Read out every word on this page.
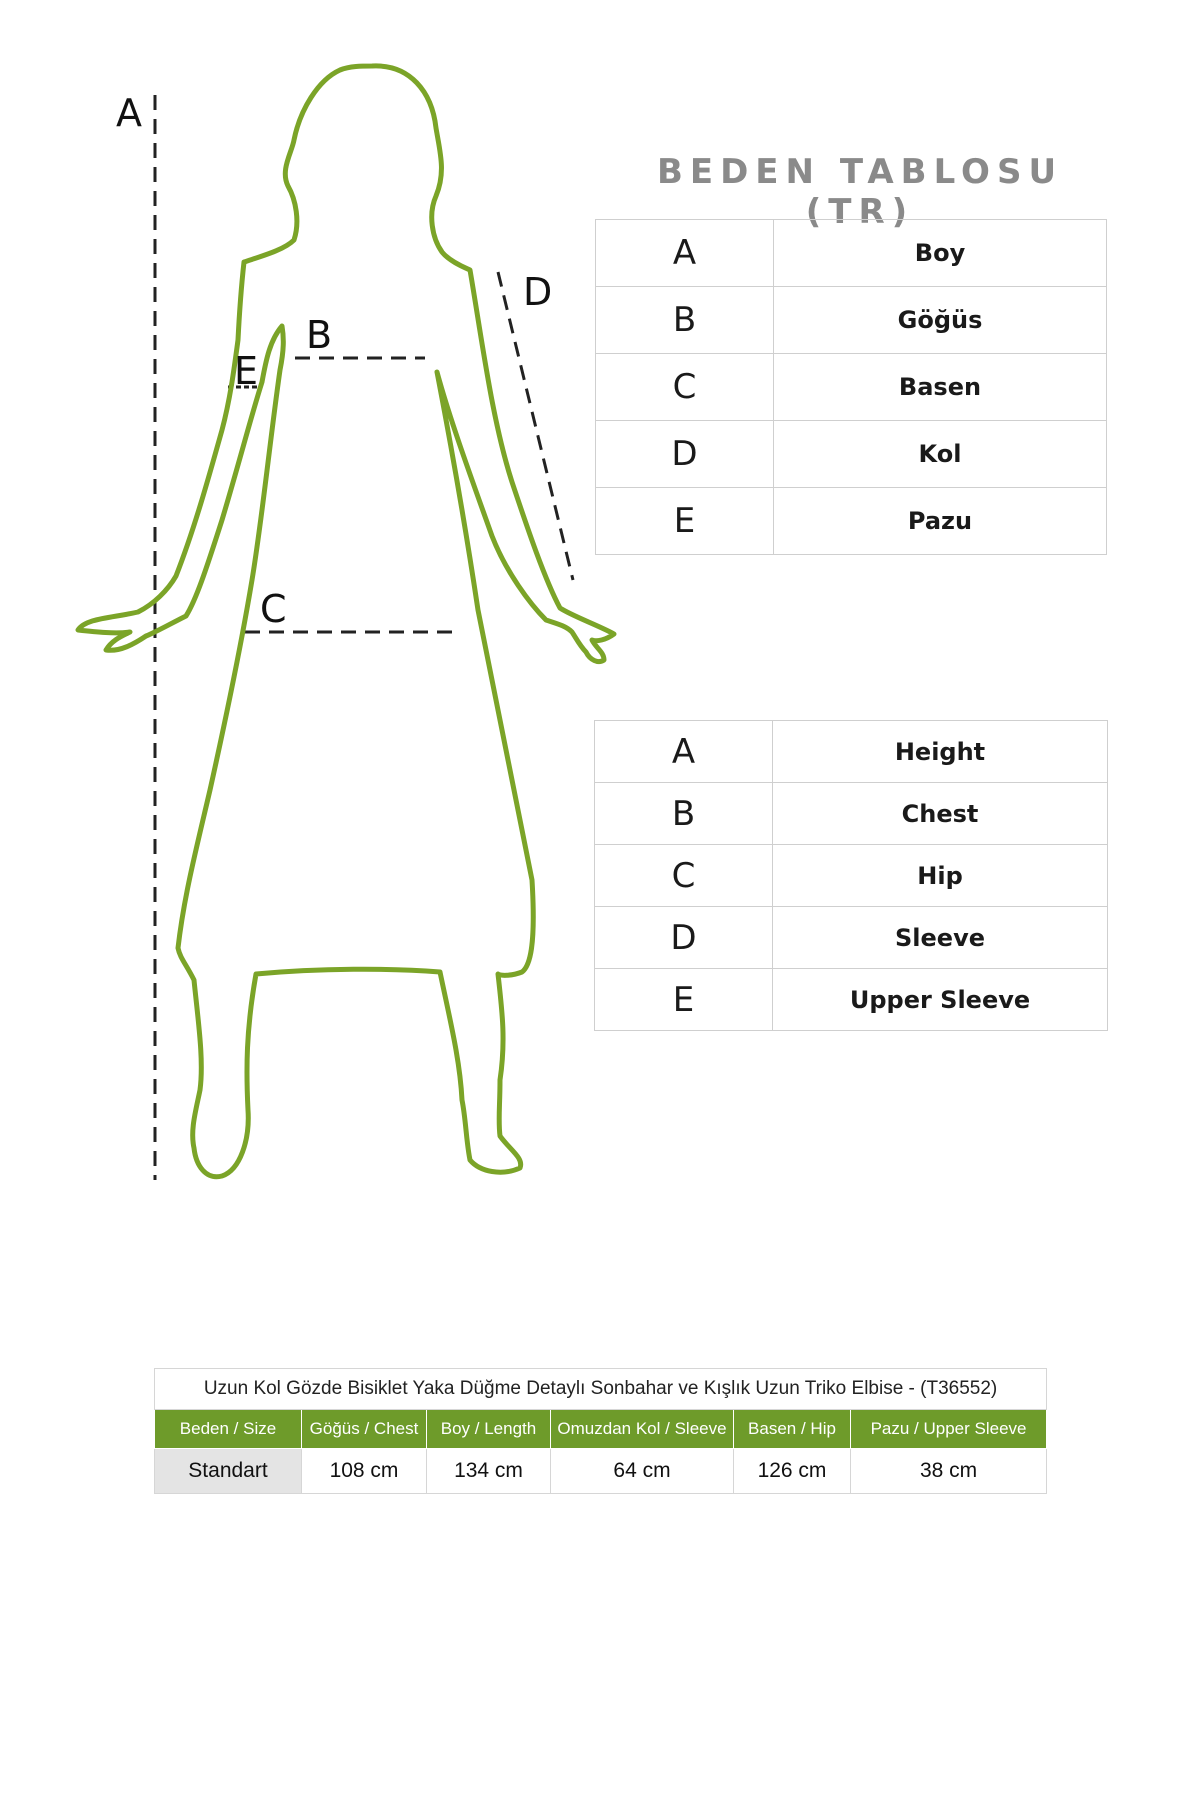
A
B
C
D
E
BEDEN TABLOSU (TR)
A	Boy
B	Göğüs
C	Basen
D	Kol
E	Pazu
A	Height
B	Chest
C	Hip
D	Sleeve
E	Upper Sleeve
Uzun Kol Gözde Bisiklet Yaka Düğme Detaylı Sonbahar ve Kışlık Uzun Triko Elbise - (T36552)					
Beden / Size	Göğüs / Chest	Boy / Length	Omuzdan Kol / Sleeve	Basen / Hip	Pazu / Upper Sleeve
Standart	108 cm	134 cm	64 cm	126 cm	38 cm
